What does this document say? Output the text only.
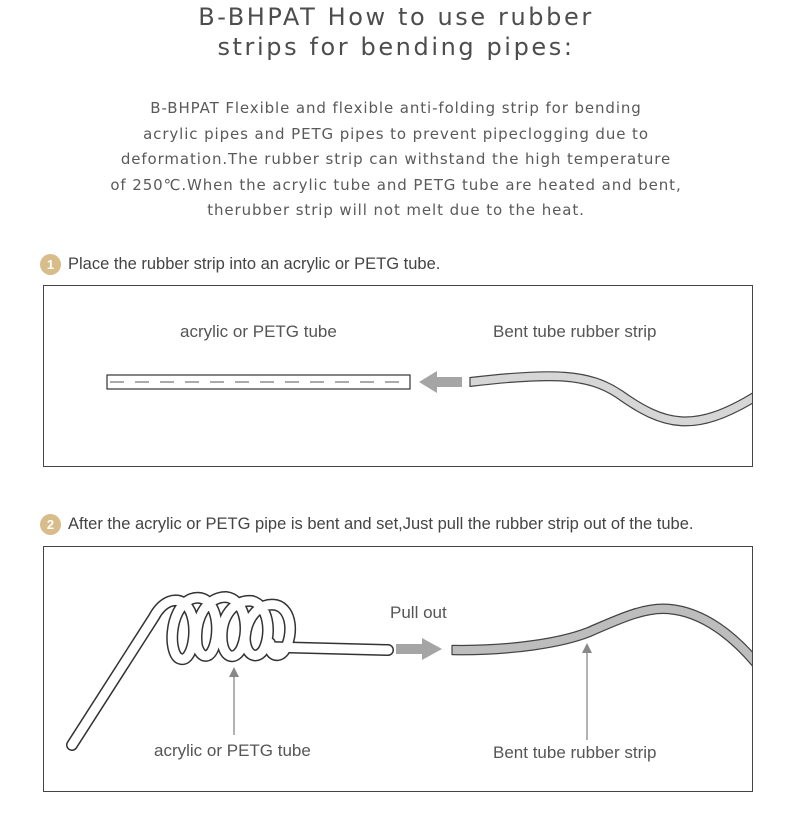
B-BHPAT How to use rubber
strips for bending pipes:
B-BHPAT Flexible and flexible anti-folding strip for bending
acrylic pipes and PETG pipes to prevent pipeclogging due to
deformation.The rubber strip can withstand the high temperature
of 250℃.When the acrylic tube and PETG tube are heated and bent,
therubber strip will not melt due to the heat.
1 Place the rubber strip into an acrylic or PETG tube.
acrylic or PETG tube	Bent tube rubber strip
2 After the acrylic or PETG pipe is bent and set,Just pull the rubber strip out of the tube.
Pull out
acrylic or PETG tube	Bent tube rubber strip
